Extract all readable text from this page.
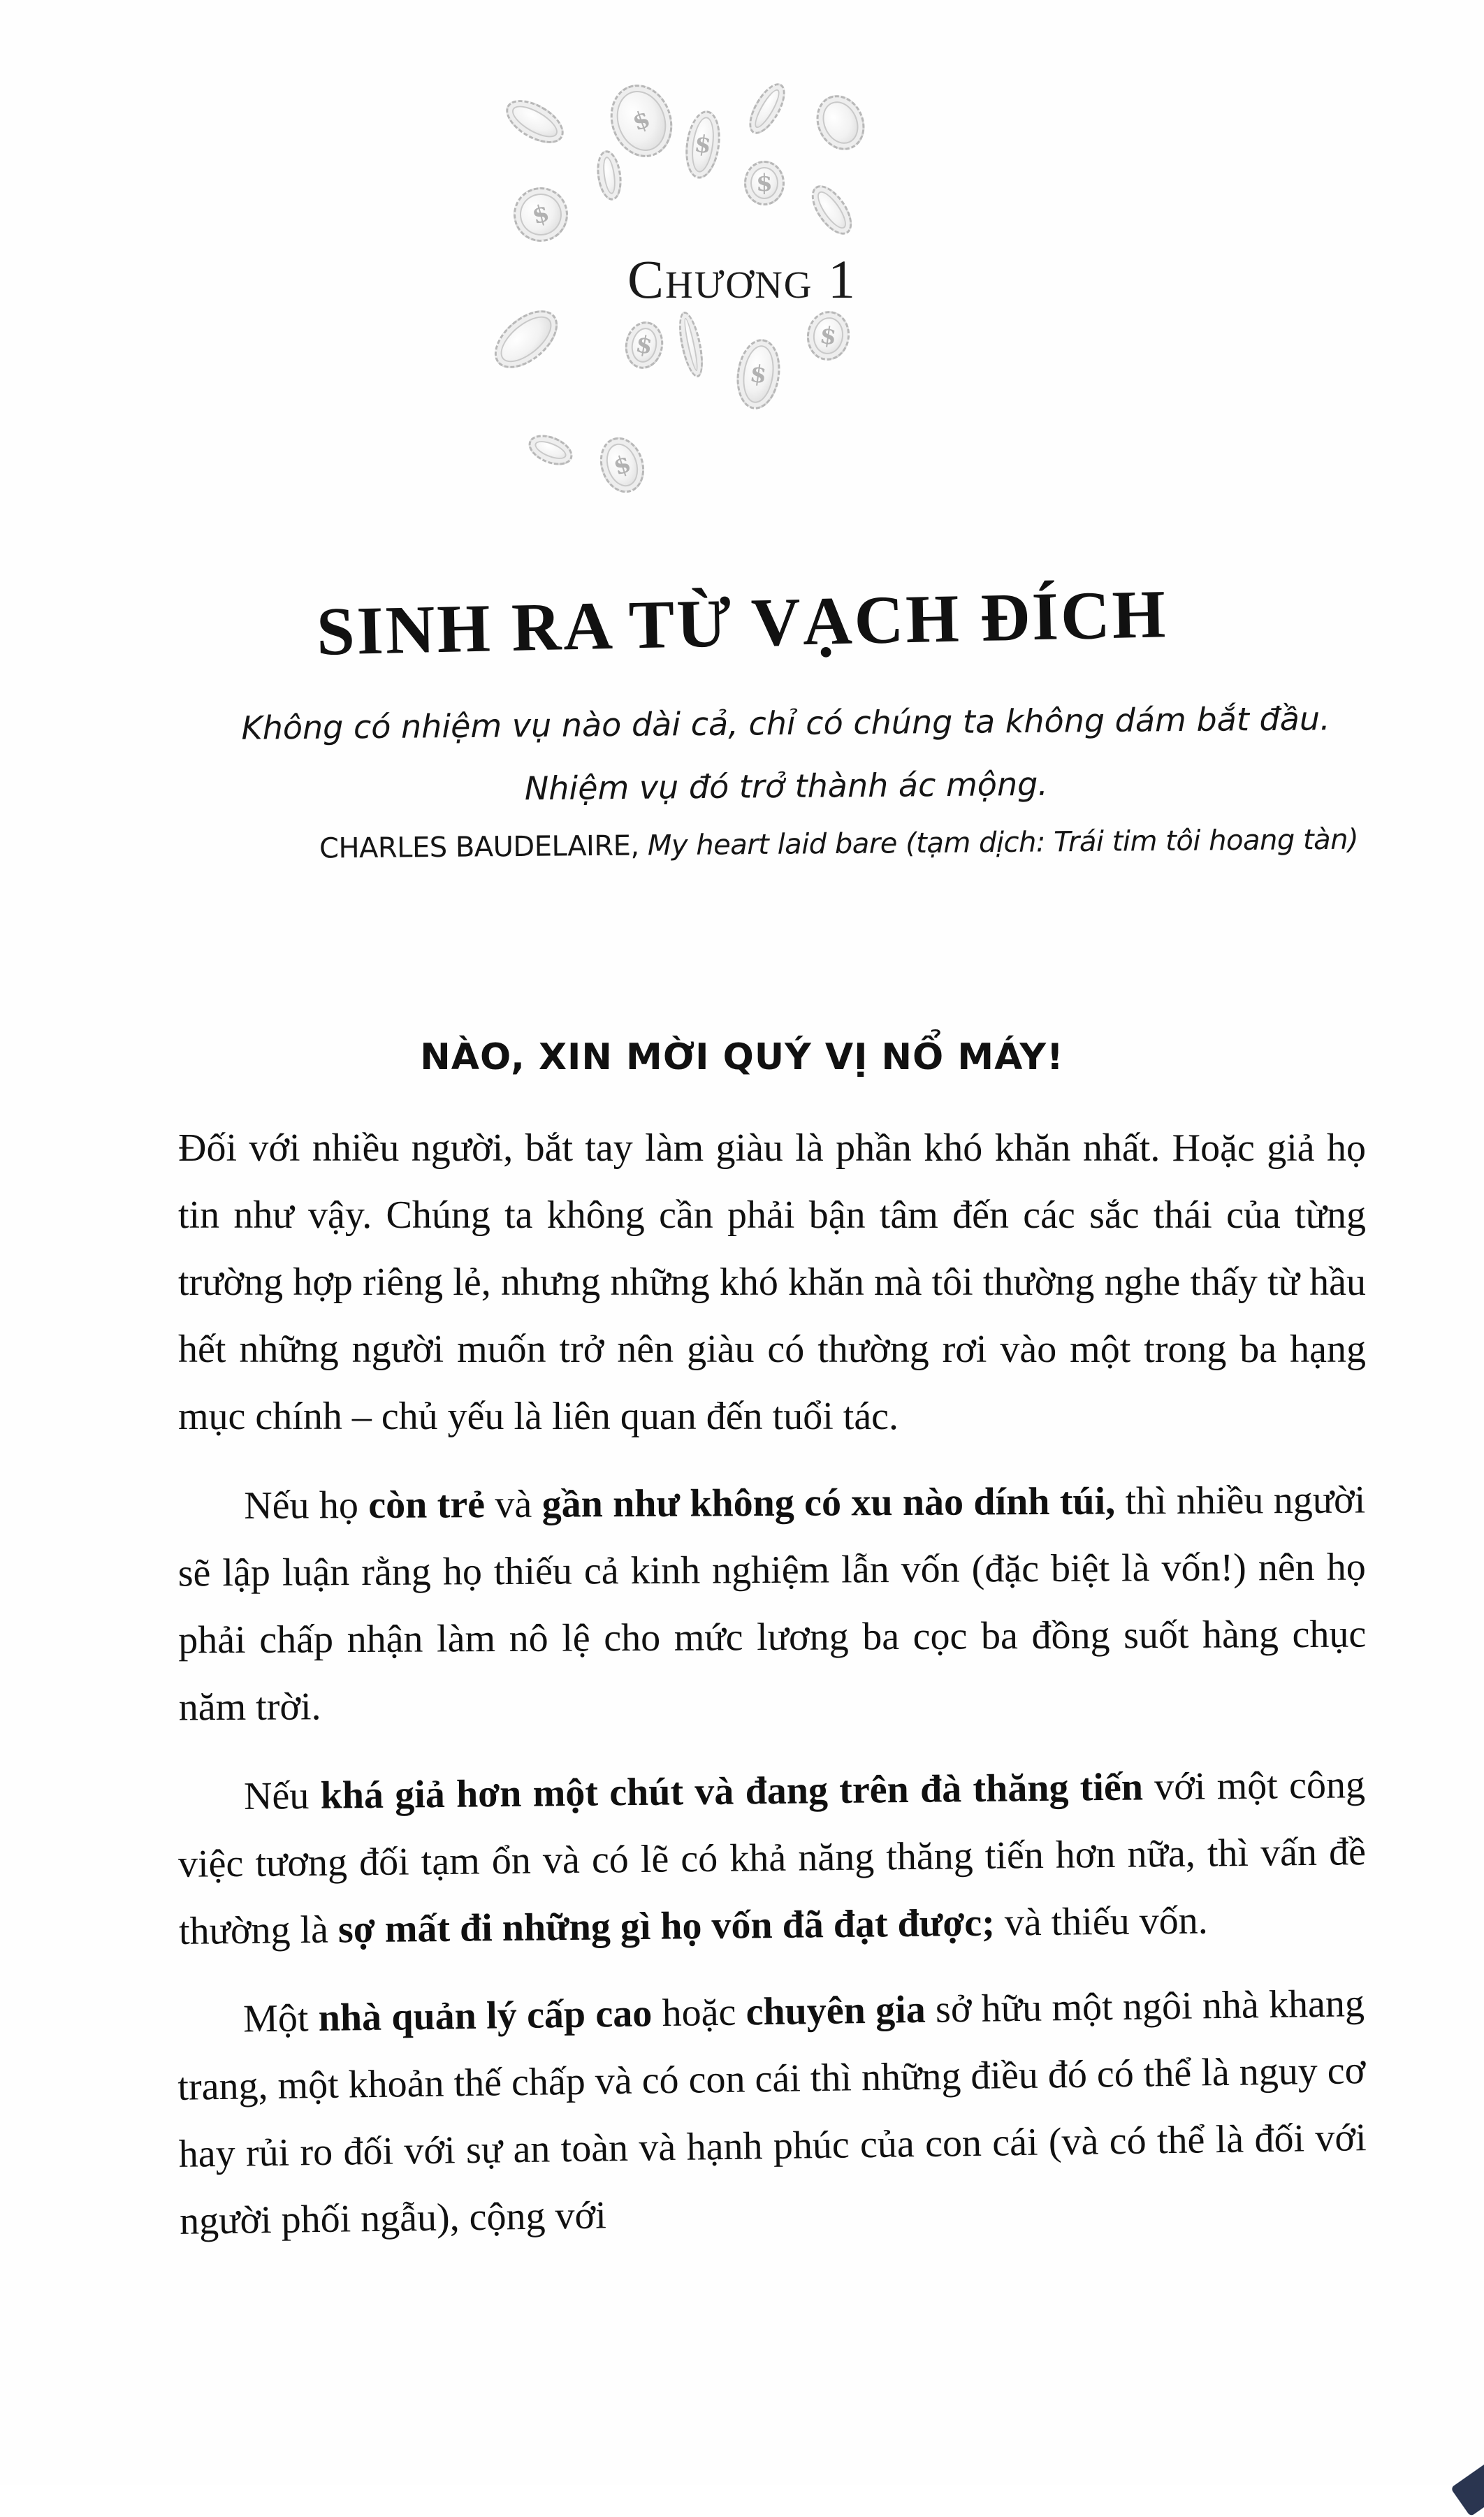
$
$
$
$
$
$
$
$
Chương 1
SINH RA TỪ VẠCH ĐÍCH
Không có nhiệm vụ nào dài cả, chỉ có chúng ta không dám bắt đầu.
Nhiệm vụ đó trở thành ác mộng.
CHARLES BAUDELAIRE, My heart laid bare (tạm dịch: Trái tim tôi hoang tàn)
NÀO, XIN MỜI QUÝ VỊ NỔ MÁY!

Đối với nhiều người, bắt tay làm giàu là phần khó khăn nhất. Hoặc giả họ tin như vậy. Chúng ta không cần phải bận tâm đến các sắc thái của từng trường hợp riêng lẻ, nhưng những khó khăn mà tôi thường nghe thấy từ hầu hết những người muốn trở nên giàu có thường rơi vào một trong ba hạng mục chính – chủ yếu là liên quan đến tuổi tác.

Nếu họ còn trẻ và gần như không có xu nào dính túi, thì nhiều người sẽ lập luận rằng họ thiếu cả kinh nghiệm lẫn vốn (đặc biệt là vốn!) nên họ phải chấp nhận làm nô lệ cho mức lương ba cọc ba đồng suốt hàng chục năm trời.

Nếu khá giả hơn một chút và đang trên đà thăng tiến với một công việc tương đối tạm ổn và có lẽ có khả năng thăng tiến hơn nữa, thì vấn đề thường là sợ mất đi những gì họ vốn đã đạt được; và thiếu vốn.

Một nhà quản lý cấp cao hoặc chuyên gia sở hữu một ngôi nhà khang trang, một khoản thế chấp và có con cái thì những điều đó có thể là nguy cơ hay rủi ro đối với sự an toàn và hạnh phúc của con cái (và có thể là đối với người phối ngẫu), cộng với
